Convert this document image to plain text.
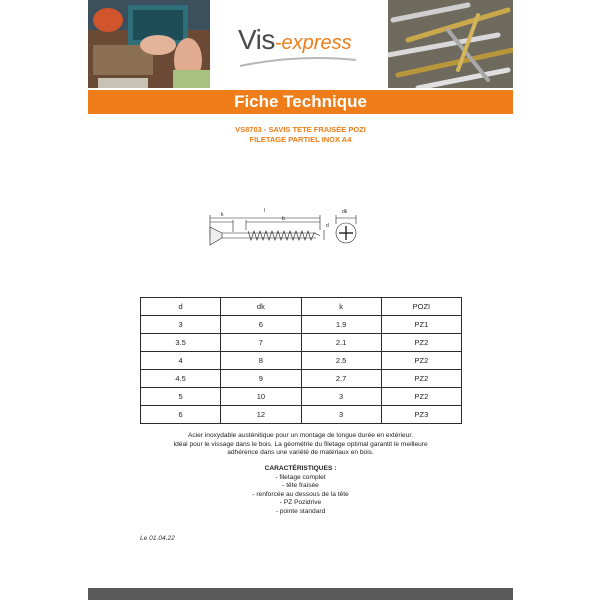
Vis-express
Fiche Technique
VS8703 - SAVIS TETE FRAISÉE POZI
FILETAGE PARTIEL INOX A4
k
l
b
d
dk
d	dk	k	POZI
3	6	1.9	PZ1
3.5	7	2.1	PZ2
4	8	2.5	PZ2
4.5	9	2.7	PZ2
5	10	3	PZ2
6	12	3	PZ3
Acier inoxydable austénitique pour un montage de longue durée en extérieur.
Idéal pour le vissage dans le bois. La géométrie du filetage optimal garantit le meilleure
adhérence dans une variété de matériaux en bois.
CARACTÉRISTIQUES :
- filetage complet
- tête fraisée
- renforcée au dessous de la tête
- PZ Pozidrive
- pointe standard
Le 01.04.22
